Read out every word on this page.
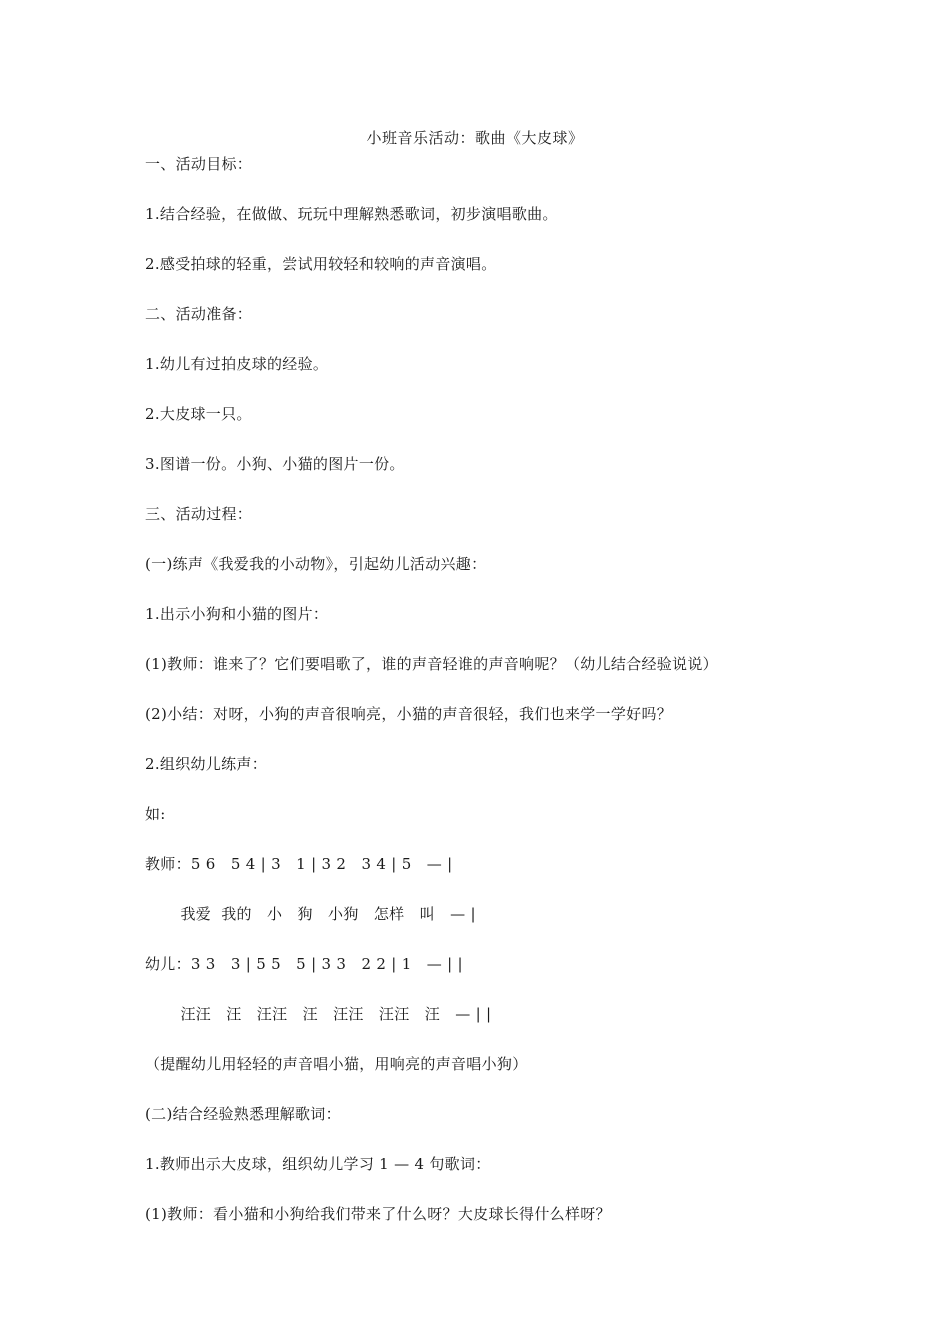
小班音乐活动：歌曲《大皮球》
一、活动目标：
1.结合经验，在做做、玩玩中理解熟悉歌词，初步演唱歌曲。
2.感受拍球的轻重，尝试用较轻和较响的声音演唱。
二、活动准备：
1.幼儿有过拍皮球的经验。
2.大皮球一只。
3.图谱一份。小狗、小猫的图片一份。
三、活动过程：
(一)练声《我爱我的小动物》，引起幼儿活动兴趣：
1.出示小狗和小猫的图片：
(1)教师：谁来了？它们要唱歌了，谁的声音轻谁的声音响呢？（幼儿结合经验说说）
(2)小结：对呀，小狗的声音很响亮，小猫的声音很轻，我们也来学一学好吗？
2.组织幼儿练声：
如:
教师：5 6   5 4 | 3   1 | 3 2   3 4 | 5   — |
我爱  我的   小   狗   小狗   怎样   叫   — |
幼儿：3 3   3 | 5 5   5 | 3 3   2 2 | 1   — | |
汪汪   汪   汪汪   汪   汪汪   汪汪   汪   — | |
（提醒幼儿用轻轻的声音唱小猫，用响亮的声音唱小狗）
(二)结合经验熟悉理解歌词：
1.教师出示大皮球，组织幼儿学习 1 — 4 句歌词：
(1)教师：看小猫和小狗给我们带来了什么呀？大皮球长得什么样呀？
